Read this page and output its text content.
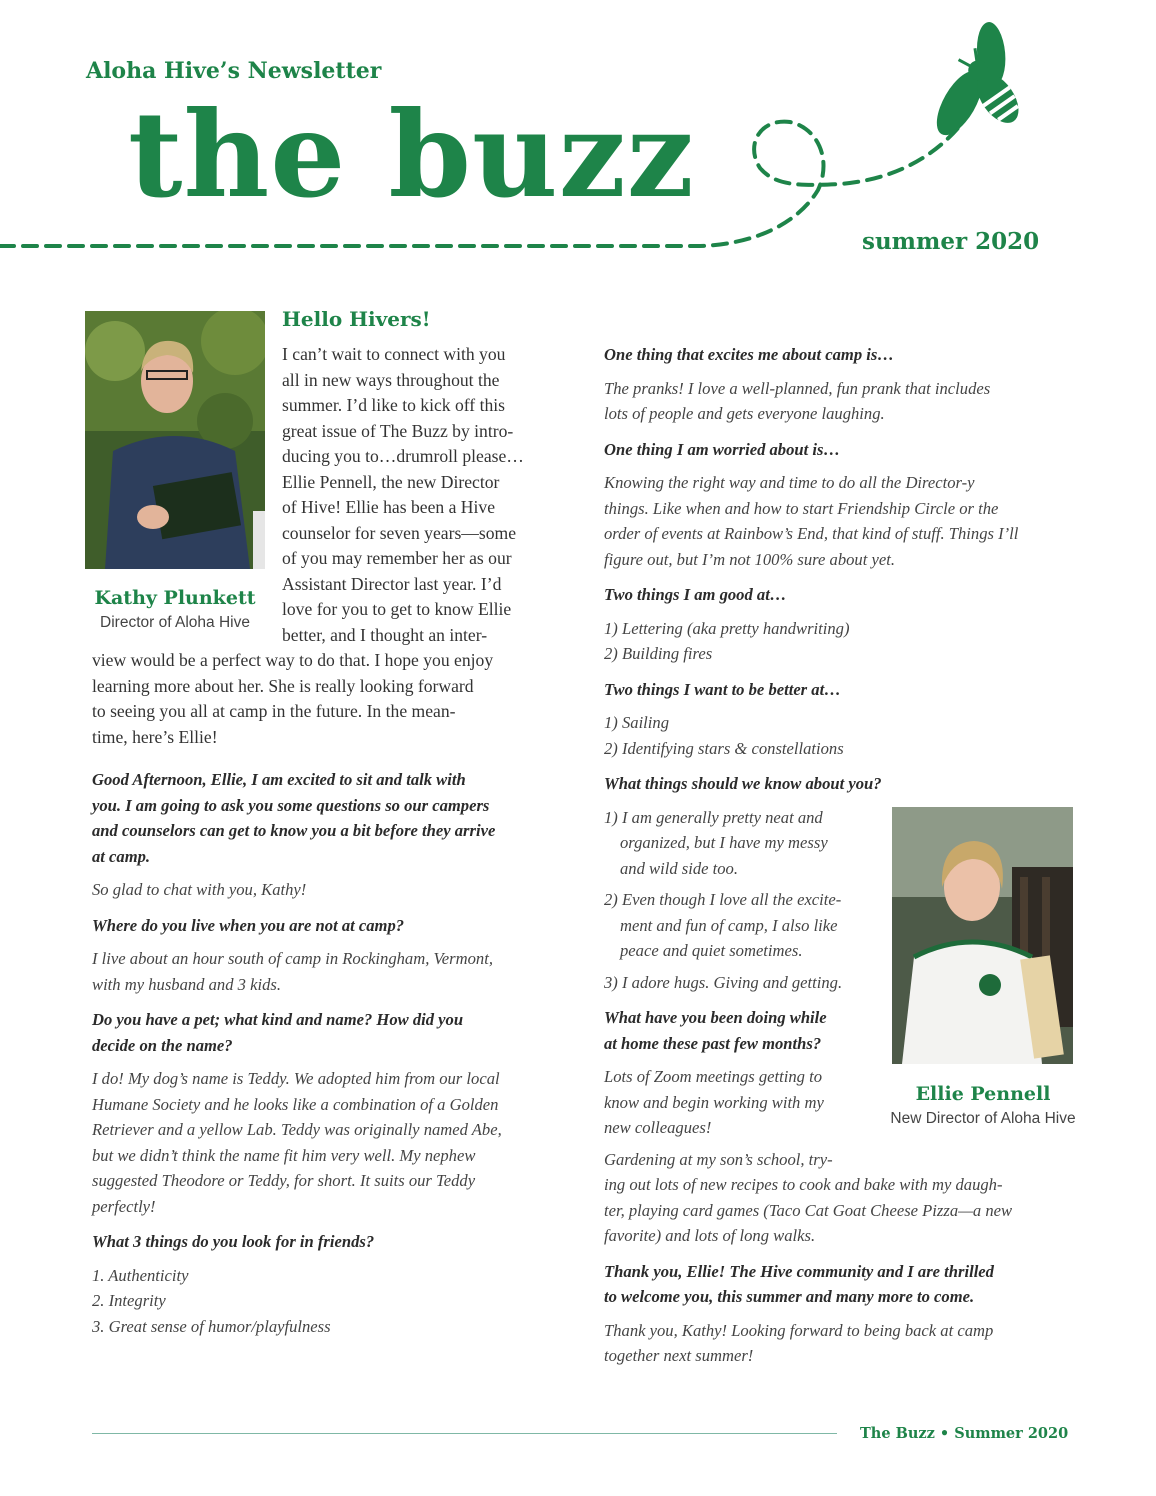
Aloha Hive’s Newsletter
the buzz
summer 2020
Kathy Plunkett
Director of Aloha Hive
Hello Hivers!
I can’t wait to connect with you
all in new ways throughout the
summer. I’d like to kick off this
great issue of The Buzz by intro-
ducing you to…drumroll please…
Ellie Pennell, the new Director
of Hive! Ellie has been a Hive
counselor for seven years—some
of you may remember her as our
Assistant Director last year. I’d
love for you to get to know Ellie
better, and I thought an inter-
view would be a perfect way to do that. I hope you enjoy
learning more about her. She is really looking forward
to seeing you all at camp in the future. In the mean-
time, here’s Ellie!
Good Afternoon, Ellie, I am excited to sit and talk with
you. I am going to ask you some questions so our campers
and counselors can get to know you a bit before they arrive
at camp.
So glad to chat with you, Kathy!
Where do you live when you are not at camp?
I live about an hour south of camp in Rockingham, Vermont,
with my husband and 3 kids.
Do you have a pet; what kind and name? How did you
decide on the name?
I do! My dog’s name is Teddy. We adopted him from our local
Humane Society and he looks like a combination of a Golden
Retriever and a yellow Lab. Teddy was originally named Abe,
but we didn’t think the name fit him very well. My nephew
suggested Theodore or Teddy, for short. It suits our Teddy
perfectly!
What 3 things do you look for in friends?
1. Authenticity
2. Integrity
3. Great sense of humor/playfulness
One thing that excites me about camp is…
The pranks! I love a well-planned, fun prank that includes
lots of people and gets everyone laughing.
One thing I am worried about is…
Knowing the right way and time to do all the Director-y
things. Like when and how to start Friendship Circle or the
order of events at Rainbow’s End, that kind of stuff. Things I’ll
figure out, but I’m not 100% sure about yet.
Two things I am good at…
1) Lettering (aka pretty handwriting)
2) Building fires
Two things I want to be better at…
1) Sailing
2) Identifying stars & constellations
What things should we know about you?
1) I am generally pretty neat and
organized, but I have my messy
and wild side too.
2) Even though I love all the excite-
ment and fun of camp, I also like
peace and quiet sometimes.
3) I adore hugs. Giving and getting.
What have you been doing while
at home these past few months?
Lots of Zoom meetings getting to
know and begin working with my
new colleagues!
Gardening at my son’s school, try-
ing out lots of new recipes to cook and bake with my daugh-
ter, playing card games (Taco Cat Goat Cheese Pizza—a new
favorite) and lots of long walks.
Thank you, Ellie! The Hive community and I are thrilled
to welcome you, this summer and many more to come.
Thank you, Kathy! Looking forward to being back at camp
together next summer!
Ellie Pennell
New Director of Aloha Hive
The Buzz • Summer 2020
